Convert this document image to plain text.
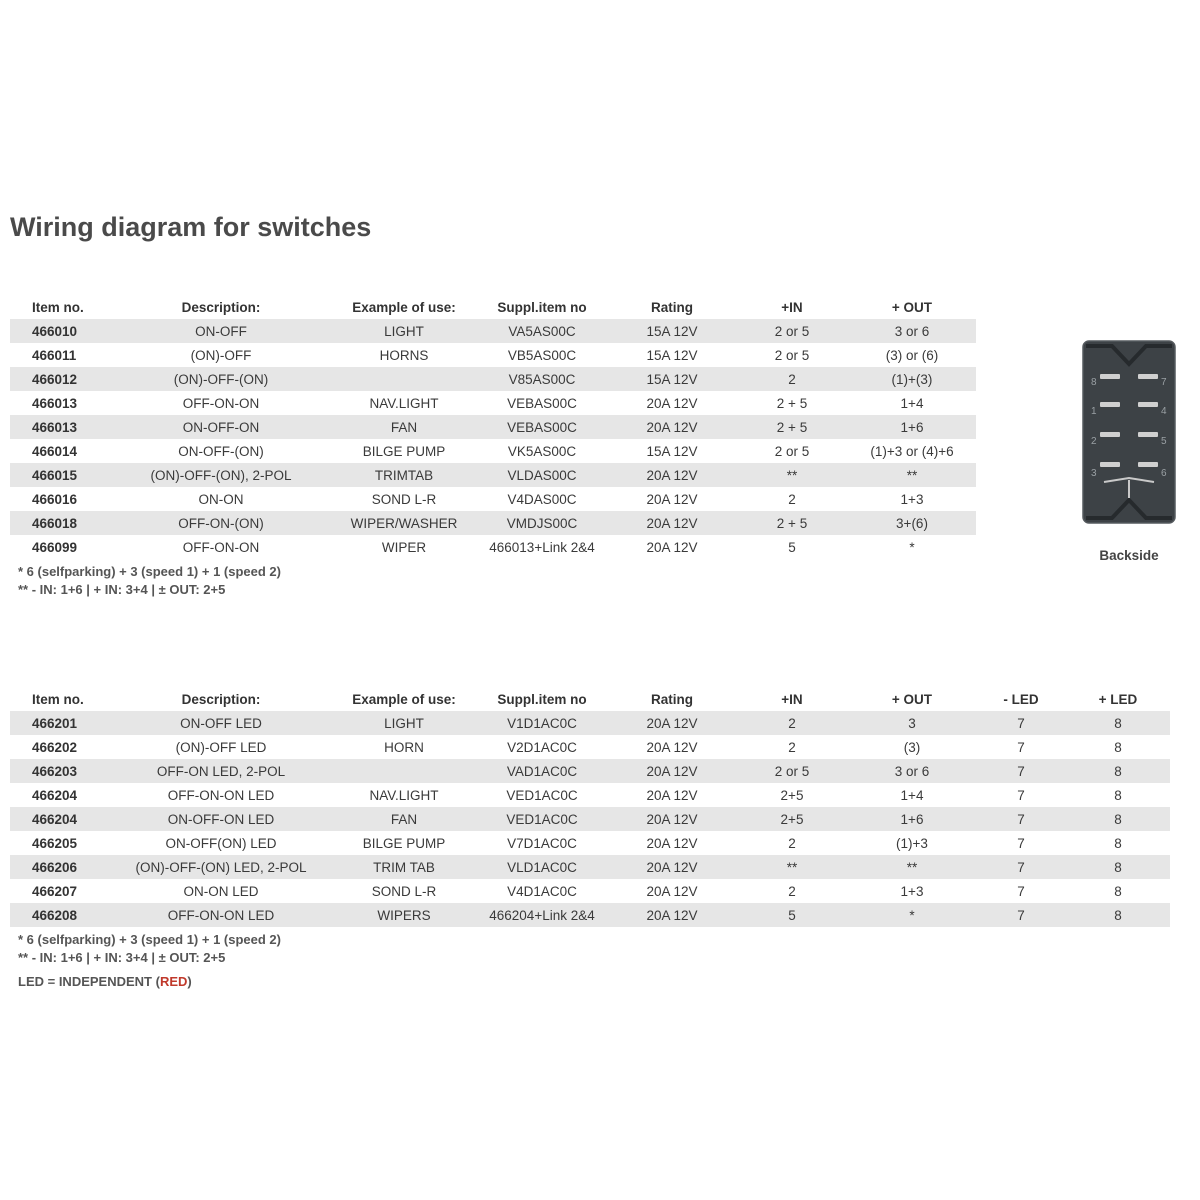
Wiring diagram for switches
Item no.	Description:	Example of use:	Suppl.item no	Rating	+IN	+ OUT
466010	ON-OFF	LIGHT	VA5AS00C	15A 12V	2 or 5	3 or 6
466011	(ON)-OFF	HORNS	VB5AS00C	15A 12V	2 or 5	(3) or (6)
466012	(ON)-OFF-(ON)		V85AS00C	15A 12V	2	(1)+(3)
466013	OFF-ON-ON	NAV.LIGHT	VEBAS00C	20A 12V	2 + 5	1+4
466013	ON-OFF-ON	FAN	VEBAS00C	20A 12V	2 + 5	1+6
466014	ON-OFF-(ON)	BILGE PUMP	VK5AS00C	15A 12V	2 or 5	(1)+3 or (4)+6
466015	(ON)-OFF-(ON), 2-POL	TRIMTAB	VLDAS00C	20A 12V	**	**
466016	ON-ON	SOND L-R	V4DAS00C	20A 12V	2	1+3
466018	OFF-ON-(ON)	WIPER/WASHER	VMDJS00C	20A 12V	2 + 5	3+(6)
466099	OFF-ON-ON	WIPER	466013+Link 2&4	20A 12V	5	*
* 6 (selfparking) + 3 (speed 1) + 1 (speed 2)
** - IN: 1+6 | + IN: 3+4 | ± OUT: 2+5
8	7
1	4
2	5
3	6
Backside
Item no.	Description:	Example of use:	Suppl.item no	Rating	+IN	+ OUT	- LED	+ LED
466201	ON-OFF LED	LIGHT	V1D1AC0C	20A 12V	2	3	7	8
466202	(ON)-OFF LED	HORN	V2D1AC0C	20A 12V	2	(3)	7	8
466203	OFF-ON LED, 2-POL		VAD1AC0C	20A 12V	2 or 5	3 or 6	7	8
466204	OFF-ON-ON LED	NAV.LIGHT	VED1AC0C	20A 12V	2+5	1+4	7	8
466204	ON-OFF-ON LED	FAN	VED1AC0C	20A 12V	2+5	1+6	7	8
466205	ON-OFF(ON) LED	BILGE PUMP	V7D1AC0C	20A 12V	2	(1)+3	7	8
466206	(ON)-OFF-(ON) LED, 2-POL	TRIM TAB	VLD1AC0C	20A 12V	**	**	7	8
466207	ON-ON LED	SOND L-R	V4D1AC0C	20A 12V	2	1+3	7	8
466208	OFF-ON-ON LED	WIPERS	466204+Link 2&4	20A 12V	5	*	7	8
* 6 (selfparking) + 3 (speed 1) + 1 (speed 2)
** - IN: 1+6 | + IN: 3+4 | ± OUT: 2+5
LED = INDEPENDENT (RED)
